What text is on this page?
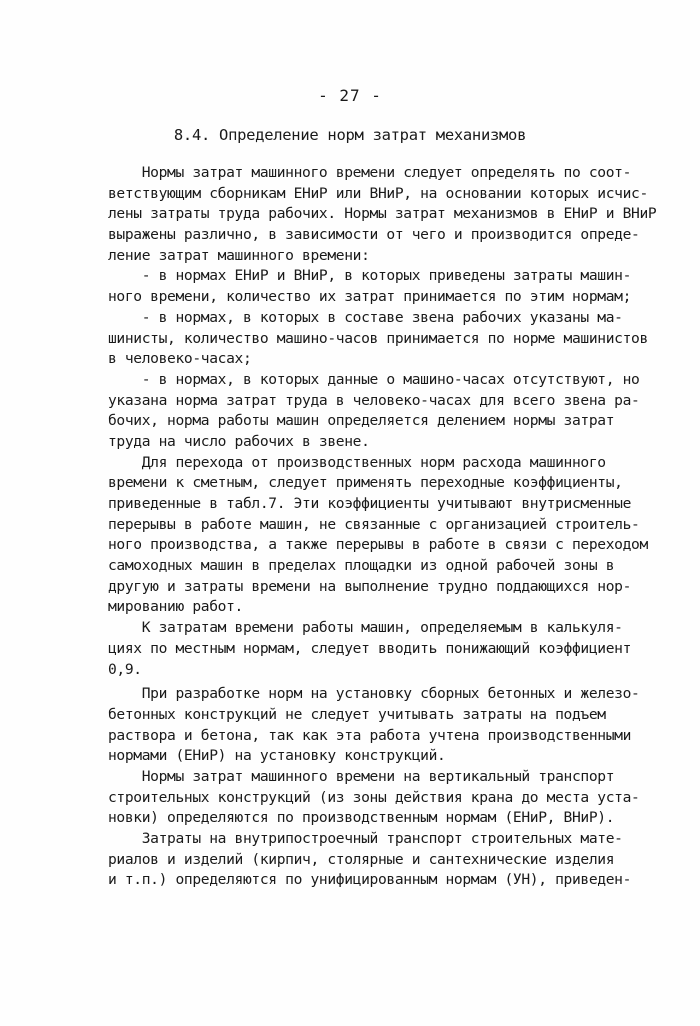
- 27 -
8.4. Определение норм затрат механизмов
Нормы затрат машинного времени следует определять по соот-
ветствующим сборникам ЕНиР или ВНиР, на основании которых исчис-
лены затраты труда рабочих. Нормы затрат механизмов в ЕНиР и ВНиР
выражены различно, в зависимости от чего и производится опреде-
ление затрат машинного времени:
- в нормах ЕНиР и ВНиР, в которых приведены затраты машин-
ного времени, количество их затрат принимается по этим нормам;
- в нормах, в которых в составе звена рабочих указаны ма-
шинисты, количество машино-часов принимается по норме машинистов
в человеко-часах;
- в нормах, в которых данные о машино-часах отсутствуют, но
указана норма затрат труда в человеко-часах для всего звена ра-
бочих, норма работы машин определяется делением нормы затрат
труда на число рабочих в звене.
Для перехода от производственных норм расхода машинного
времени к сметным, следует применять переходные коэффициенты,
приведенные в табл.7. Эти коэффициенты учитывают внутрисменные
перерывы в работе машин, не связанные с организацией строитель-
ного производства, а также перерывы в работе в связи с переходом
самоходных машин в пределах площадки из одной рабочей зоны в
другую и затраты времени на выполнение трудно поддающихся нор-
мированию работ.
К затратам времени работы машин, определяемым в калькуля-
циях по местным нормам, следует вводить понижающий коэффициент
0,9.
При разработке норм на установку сборных бетонных и железо-
бетонных конструкций не следует учитывать затраты на подъем
раствора и бетона, так как эта работа учтена производственными
нормами (ЕНиР) на установку конструкций.
Нормы затрат машинного времени на вертикальный транспорт
строительных конструкций (из зоны действия крана до места уста-
новки) определяются по производственным нормам (ЕНиР, ВНиР).
Затраты на внутрипостроечный транспорт строительных мате-
риалов и изделий (кирпич, столярные и сантехнические изделия
и т.п.) определяются по унифицированным нормам (УН), приведен-
